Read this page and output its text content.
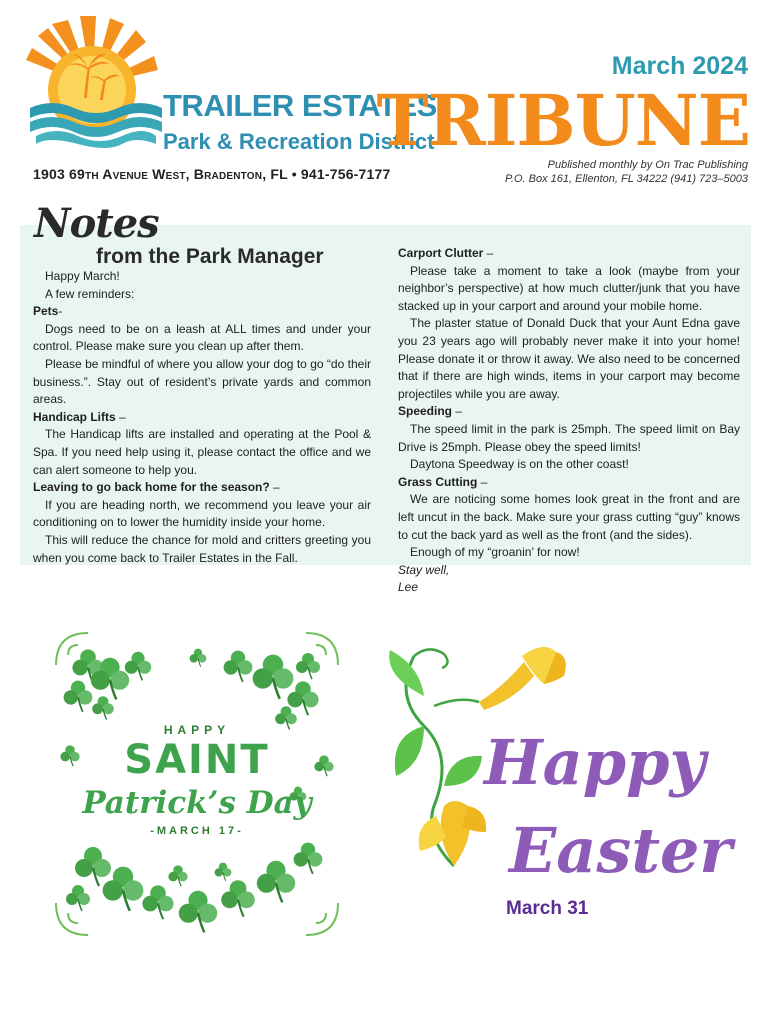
TRAILER ESTATES
Park & Recreation District
1903 69th Avenue West, Bradenton, FL • 941-756-7177
March 2024
TRIBUNE
Published monthly by On Trac Publishing
P.O. Box 161, Ellenton, FL 34222 (941) 723–5003
Notes
from the Park Manager

Happy March!

A few reminders:

Pets-

Dogs need to be on a leash at ALL times and under your control. Please make sure you clean up after them.

Please be mindful of where you allow your dog to go “do their business.”. Stay out of resident’s private yards and common areas.

Handicap Lifts –

The Handicap lifts are installed and operating at the Pool & Spa. If you need help using it, please contact the office and we can alert someone to help you.

Leaving to go back home for the season? –

If you are heading north, we recommend you leave your air conditioning on to lower the humidity inside your home.

This will reduce the chance for mold and critters greeting you when you come back to Trailer Estates in the Fall.

Carport Clutter –

Please take a moment to take a look (maybe from your neighbor’s perspective) at how much clutter/junk that you have stacked up in your carport and around your mobile home.

The plaster statue of Donald Duck that your Aunt Edna gave you 23 years ago will probably never make it into your home! Please donate it or throw it away. We also need to be concerned that if there are high winds, items in your carport may become projectiles while you are away.

Speeding –

The speed limit in the park is 25mph. The speed limit on Bay Drive is 25mph. Please obey the speed limits!

Daytona Speedway is on the other coast!

Grass Cutting –

We are noticing some homes look great in the front and are left uncut in the back. Make sure your grass cutting “guy” knows to cut the back yard as well as the front (and the sides).

Enough of my “groanin’ for now!

Stay well,

Lee

HAPPY
SAINT
Patrick’s Day
-MARCH 17-
Happy
Easter
March 31
